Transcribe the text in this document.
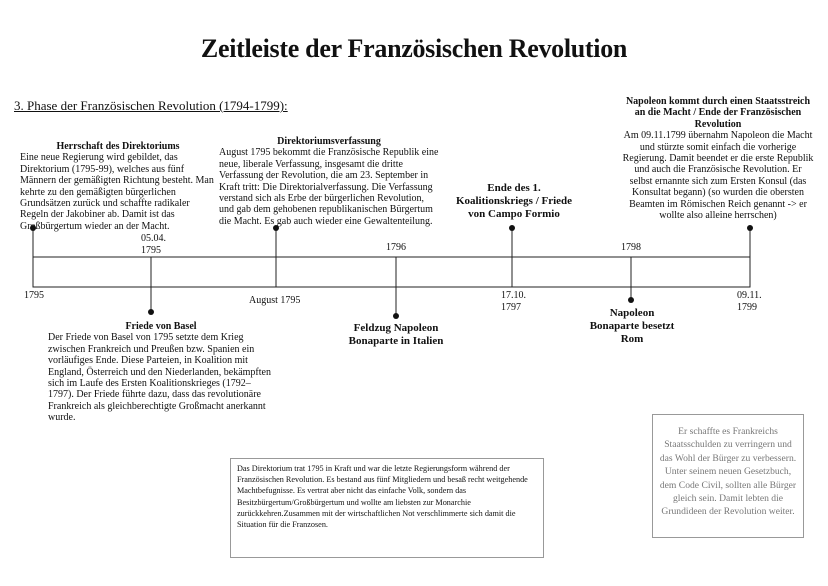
Zeitleiste der Französischen Revolution
3. Phase der Französischen Revolution (1794-1799):
1795
05.04. 1795
August 1795
1796
17.10. 1797
1798
09.11. 1799
Herrschaft des Direktoriums
Eine neue Regierung wird gebildet, das Direktorium (1795-99), welches aus fünf Männern der gemäßigten Richtung besteht. Man kehrte zu den gemäßigten bürgerlichen Grundsätzen zurück und schaffte radikaler Regeln der Jakobiner ab. Damit ist das Großbürgertum wieder an der Macht.
Direktoriumsverfassung
August 1795 bekommt die Französische Republik eine neue, liberale Verfassung, insgesamt die dritte Verfassung der Revolution, die am 23. September in Kraft tritt: Die Direktorialverfassung. Die Verfassung verstand sich als Erbe der bürgerlichen Revolution, und gab dem gehobenen republikanischen Bürgertum die Macht. Es gab auch wieder eine Gewaltenteilung.
Ende des 1. Koalitionskriegs / Friede von Campo Formio
Napoleon kommt durch einen Staatsstreich an die Macht / Ende der Französischen Revolution
Am 09.11.1799 übernahm Napoleon die Macht und stürzte somit einfach die vorherige Regierung. Damit beendet er die erste Republik und auch die Französische Revolution. Er selbst ernannte sich zum Ersten Konsul (das Konsultat begann) (so wurden die obersten Beamten im Römischen Reich genannt -> er wollte also alleine herrschen)
Friede von Basel
Der Friede von Basel von 1795 setzte dem Krieg zwischen Frankreich und Preußen bzw. Spanien ein vorläufiges Ende. Diese Parteien, in Koalition mit England, Österreich und den Niederlanden, bekämpften sich im Laufe des Ersten Koalitionskrieges (1792–1797). Der Friede führte dazu, dass das revolutionäre Frankreich als gleichberechtigte Großmacht anerkannt wurde.
Feldzug Napoleon Bonaparte in Italien
Napoleon Bonaparte besetzt Rom
Das Direktorium trat 1795 in Kraft und war die letzte Regierungsform während der Französischen Revolution. Es bestand aus fünf Mitgliedern und besaß recht weitgehende Machtbefugnisse. Es vertrat aber nicht das einfache Volk, sondern das Besitzbürgertum/Großbürgertum und wollte am liebsten zur Monarchie zurückkehren.Zusammen mit der wirtschaftlichen Not verschlimmerte sich damit die Situation für die Franzosen.
Er schaffte es Frankreichs Staatsschulden zu verringern und das Wohl der Bürger zu verbessern. Unter seinem neuen Gesetzbuch, dem Code Civil, sollten alle Bürger gleich sein. Damit lebten die Grundideen der Revolution weiter.
